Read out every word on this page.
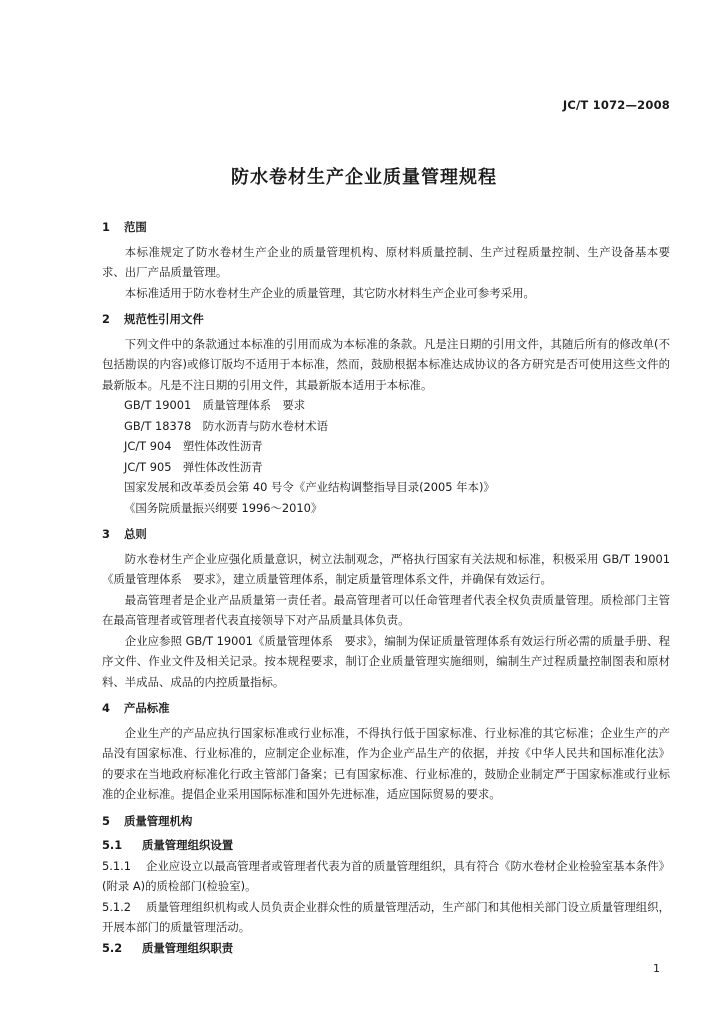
JC/T 1072—2008
防水卷材生产企业质量管理规程
1 范围
本标准规定了防水卷材生产企业的质量管理机构、原材料质量控制、生产过程质量控制、生产设备基本要求、出厂产品质量管理。
本标准适用于防水卷材生产企业的质量管理，其它防水材料生产企业可参考采用。
2 规范性引用文件
下列文件中的条款通过本标准的引用而成为本标准的条款。凡是注日期的引用文件，其随后所有的修改单(不包括勘误的内容)或修订版均不适用于本标准，然而，鼓励根据本标准达成协议的各方研究是否可使用这些文件的最新版本。凡是不注日期的引用文件，其最新版本适用于本标准。
GB/T 19001　质量管理体系　要求
GB/T 18378　防水沥青与防水卷材术语
JC/T 904　塑性体改性沥青
JC/T 905　弹性体改性沥青
国家发展和改革委员会第 40 号令《产业结构调整指导目录(2005 年本)》
《国务院质量振兴纲要 1996～2010》
3 总则
防水卷材生产企业应强化质量意识，树立法制观念，严格执行国家有关法规和标准，积极采用 GB/T 19001《质量管理体系　要求》，建立质量管理体系，制定质量管理体系文件，并确保有效运行。
最高管理者是企业产品质量第一责任者。最高管理者可以任命管理者代表全权负责质量管理。质检部门主管在最高管理者或管理者代表直接领导下对产品质量具体负责。
企业应参照 GB/T 19001《质量管理体系　要求》，编制为保证质量管理体系有效运行所必需的质量手册、程序文件、作业文件及相关记录。按本规程要求，制订企业质量管理实施细则，编制生产过程质量控制图表和原材料、半成品、成品的内控质量指标。
4 产品标准
企业生产的产品应执行国家标准或行业标准，不得执行低于国家标准、行业标准的其它标准；企业生产的产品没有国家标准、行业标准的，应制定企业标准，作为企业产品生产的依据，并按《中华人民共和国标准化法》的要求在当地政府标准化行政主管部门备案；已有国家标准、行业标准的，鼓励企业制定严于国家标准或行业标准的企业标准。提倡企业采用国际标准和国外先进标准，适应国际贸易的要求。
5 质量管理机构
5.1 质量管理组织设置
5.1.1 企业应设立以最高管理者或管理者代表为首的质量管理组织，具有符合《防水卷材企业检验室基本条件》(附录 A)的质检部门(检验室)。
5.1.2 质量管理组织机构或人员负责企业群众性的质量管理活动，生产部门和其他相关部门设立质量管理组织，开展本部门的质量管理活动。
5.2 质量管理组织职责
1
